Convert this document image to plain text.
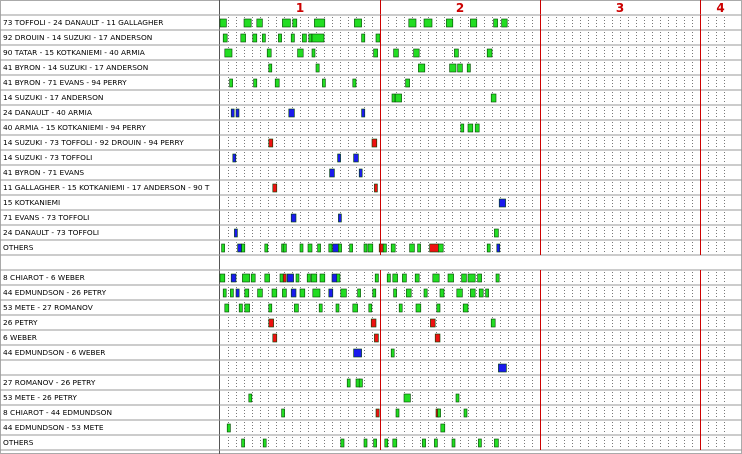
1	2	3	4
73 TOFFOLI - 24 DANAULT - 11 GALLAGHER
92 DROUIN - 14 SUZUKI - 17 ANDERSON
90 TATAR - 15 KOTKANIEMI - 40 ARMIA
41 BYRON - 14 SUZUKI - 17 ANDERSON
41 BYRON - 71 EVANS - 94 PERRY
14 SUZUKI - 17 ANDERSON
24 DANAULT - 40 ARMIA
40 ARMIA - 15 KOTKANIEMI - 94 PERRY
14 SUZUKI - 73 TOFFOLI - 92 DROUIN - 94 PERRY
14 SUZUKI - 73 TOFFOLI
41 BYRON - 71 EVANS
11 GALLAGHER - 15 KOTKANIEMI - 17 ANDERSON - 90 T
15 KOTKANIEMI
71 EVANS - 73 TOFFOLI
24 DANAULT - 73 TOFFOLI
OTHERS
8 CHIAROT - 6 WEBER
44 EDMUNDSON - 26 PETRY
53 METE - 27 ROMANOV
26 PETRY
6 WEBER
44 EDMUNDSON - 6 WEBER
27 ROMANOV - 26 PETRY
53 METE - 26 PETRY
8 CHIAROT - 44 EDMUNDSON
44 EDMUNDSON - 53 METE
OTHERS
